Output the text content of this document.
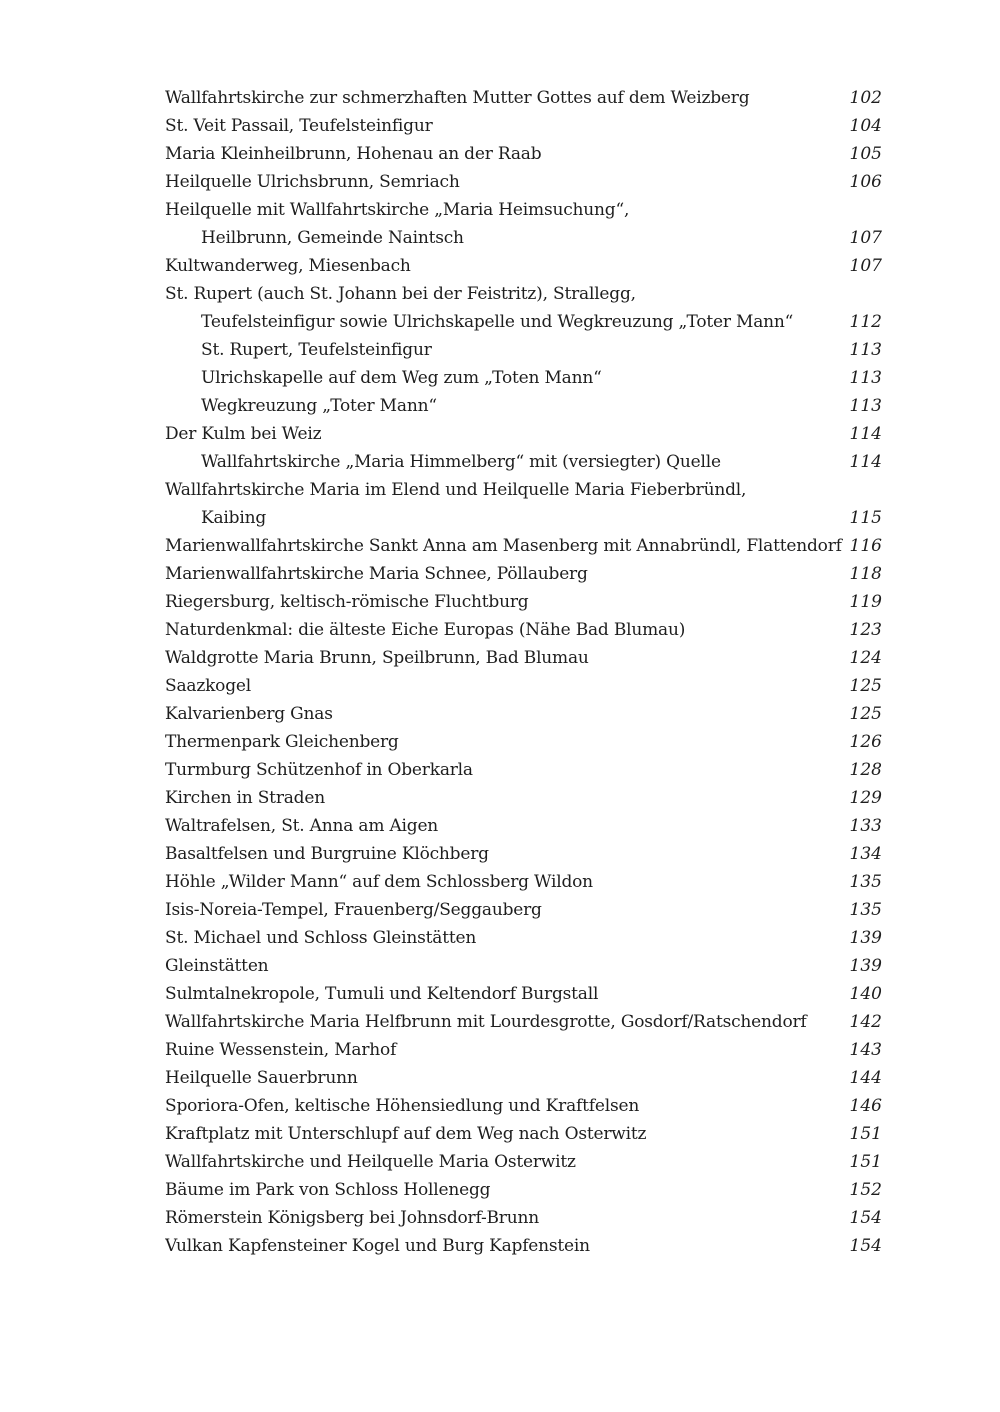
Wallfahrtskirche zur schmerzhaften Mutter Gottes auf dem Weizberg	102
St. Veit Passail, Teufelsteinfigur	104
Maria Kleinheilbrunn, Hohenau an der Raab	105
Heilquelle Ulrichsbrunn, Semriach	106
Heilquelle mit Wallfahrtskirche „Maria Heimsuchung“,
Heilbrunn, Gemeinde Naintsch	107
Kultwanderweg, Miesenbach	107
St. Rupert (auch St. Johann bei der Feistritz), Strallegg,
Teufelsteinfigur sowie Ulrichskapelle und Wegkreuzung „Toter Mann“	112
St. Rupert, Teufelsteinfigur	113
Ulrichskapelle auf dem Weg zum „Toten Mann“	113
Wegkreuzung „Toter Mann“	113
Der Kulm bei Weiz	114
Wallfahrtskirche „Maria Himmelberg“ mit (versiegter) Quelle	114
Wallfahrtskirche Maria im Elend und Heilquelle Maria Fieberbründl,
Kaibing	115
Marienwallfahrtskirche Sankt Anna am Masenberg mit Annabründl, Flattendorf 116
Marienwallfahrtskirche Maria Schnee, Pöllauberg	118
Riegersburg, keltisch-römische Fluchtburg	119
Naturdenkmal: die älteste Eiche Europas (Nähe Bad Blumau)	123
Waldgrotte Maria Brunn, Speilbrunn, Bad Blumau	124
Saazkogel	125
Kalvarienberg Gnas	125
Thermenpark Gleichenberg	126
Turmburg Schützenhof in Oberkarla	128
Kirchen in Straden	129
Waltrafelsen, St. Anna am Aigen	133
Basaltfelsen und Burgruine Klöchberg	134
Höhle „Wilder Mann“ auf dem Schlossberg Wildon	135
Isis-Noreia-Tempel, Frauenberg/Seggauberg	135
St. Michael und Schloss Gleinstätten	139
Gleinstätten	139
Sulmtalnekropole, Tumuli und Keltendorf Burgstall	140
Wallfahrtskirche Maria Helfbrunn mit Lourdesgrotte, Gosdorf/Ratschendorf	142
Ruine Wessenstein, Marhof	143
Heilquelle Sauerbrunn	144
Sporiora-Ofen, keltische Höhensiedlung und Kraftfelsen	146
Kraftplatz mit Unterschlupf auf dem Weg nach Osterwitz	151
Wallfahrtskirche und Heilquelle Maria Osterwitz	151
Bäume im Park von Schloss Hollenegg	152
Römerstein Königsberg bei Johnsdorf-Brunn	154
Vulkan Kapfensteiner Kogel und Burg Kapfenstein	154
